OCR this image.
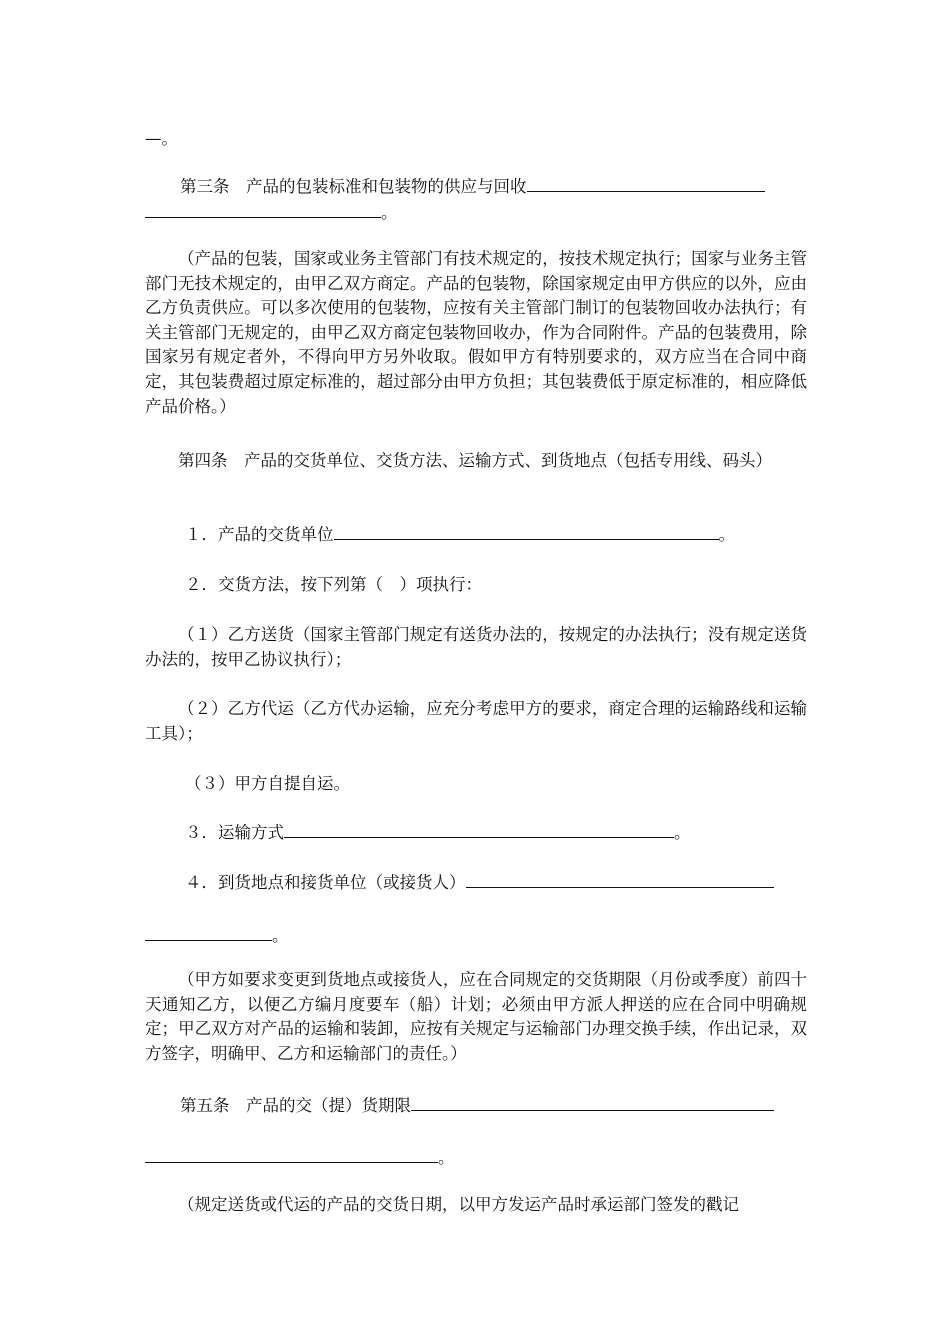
—。
第三条　产品的包装标准和包装物的供应与回收
。
（产品的包装，国家或业务主管部门有技术规定的，按技术规定执行；国家与业务主管部门无技术规定的，由甲乙双方商定。产品的包装物，除国家规定由甲方供应的以外，应由乙方负责供应。可以多次使用的包装物，应按有关主管部门制订的包装物回收办法执行；有关主管部门无规定的，由甲乙双方商定包装物回收办，作为合同附件。产品的包装费用，除国家另有规定者外，不得向甲方另外收取。假如甲方有特别要求的，双方应当在合同中商定，其包装费超过原定标准的，超过部分由甲方负担；其包装费低于原定标准的，相应降低产品价格。）
第四条　产品的交货单位、交货方法、运输方式、到货地点（包括专用线、码头）
１．产品的交货单位	。
２．交货方法，按下列第（　）项执行：
（１）乙方送货（国家主管部门规定有送货办法的，按规定的办法执行；没有规定送货办法的，按甲乙协议执行）；
（２）乙方代运（乙方代办运输，应充分考虑甲方的要求，商定合理的运输路线和运输工具）；
（３）甲方自提自运。
３．运输方式	。
４．到货地点和接货单位（或接货人）
。
（甲方如要求变更到货地点或接货人，应在合同规定的交货期限（月份或季度）前四十天通知乙方，以便乙方编月度要车（船）计划；必须由甲方派人押送的应在合同中明确规定；甲乙双方对产品的运输和装卸，应按有关规定与运输部门办理交换手续，作出记录，双方签字，明确甲、乙方和运输部门的责任。）
第五条　产品的交（提）货期限
。
（规定送货或代运的产品的交货日期，以甲方发运产品时承运部门签发的戳记
